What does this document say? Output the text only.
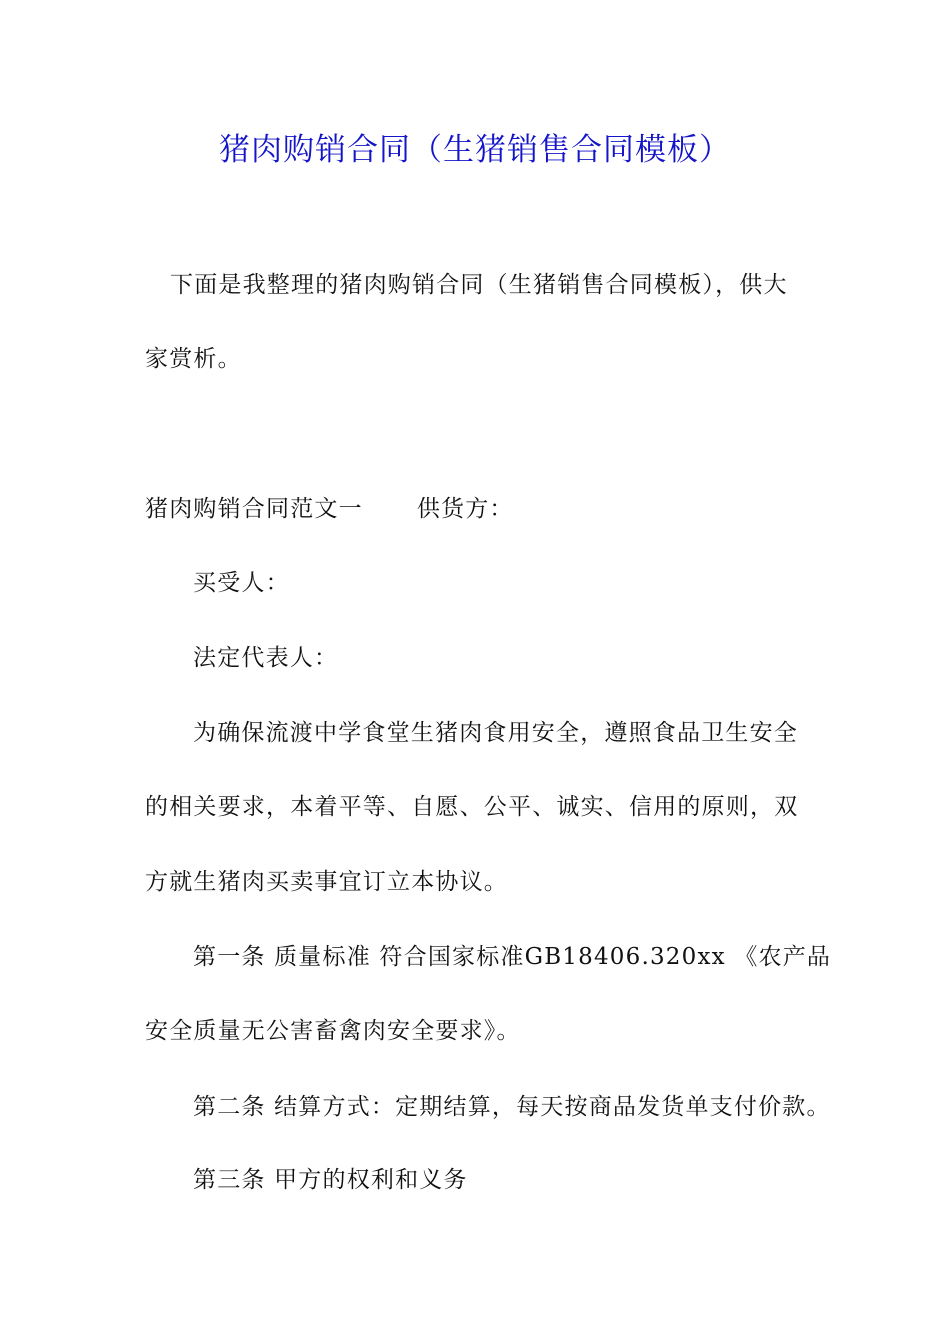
猪肉购销合同（生猪销售合同模板）
下面是我整理的猪肉购销合同（生猪销售合同模板），供大
家赏析。
猪肉购销合同范文一 供货方：
买受人：
法定代表人：
为确保流渡中学食堂生猪肉食用安全，遵照食品卫生安全
的相关要求，本着平等、自愿、公平、诚实、信用的原则，双
方就生猪肉买卖事宜订立本协议。
第一条 质量标准 符合国家标准GB18406.320xx 《农产品
安全质量无公害畜禽肉安全要求》。
第二条 结算方式：定期结算，每天按商品发货单支付价款。
第三条 甲方的权利和义务
